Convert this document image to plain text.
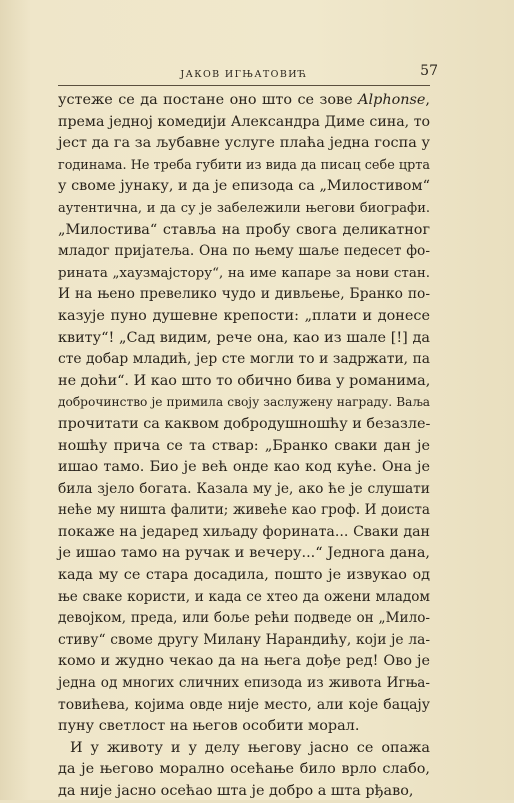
ЈАКОВ ИГЊАТОВИЋ	57
устеже се да постане оно што се зове Alphonse,
према једној комедији Александра Диме сина, то
јест да га за љубавне услуге плаћа једна госпа у
годинама. Не треба губити из вида да писац себе црта
у своме јунаку, и да је епизода са „Милостивом“
аутентична, и да су је забележили његови биографи.
„Милостива“ ставља на пробу свога деликатног
младог пријатеља. Она по њему шаље педесет фо-
рината „хаузмајстору“, на име капаре за нови стан.
И на њено превелико чудо и дивљење, Бранко по-
казује пуно душевне крепости: „плати и донесе
квиту“! „Сад видим, рече она, као из шале [!] да
сте добар младић, јер сте могли то и задржати, па
не доћи“. И као што то обично бива у романима,
доброчинство је примила своју заслужену награду. Ваља
прочитати са каквом добродушношћу и безазле-
ношћу прича се та ствар: „Бранко сваки дан је
ишао тамо. Био је већ онде као код куће. Она је
била зјело богата. Казала му је, ако ће је слушати
неће му ништа фалити; живеће као гроф. И доиста
покаже на једаред хиљаду форината... Сваки дан
је ишао тамо на ручак и вечеру...“ Једнога дана,
када му се стара досадила, пошто је извукао од
ње сваке користи, и када се хтео да ожени младом
девојком, преда, или боље рећи подведе он „Мило-
стиву“ своме другу Милану Нарандићу, који је ла-
комо и жудно чекао да на њега дође ред! Ово је
једна од многих сличних епизода из живота Игња-
товићева, којима овде није место, али које бацају
пуну светлост на његов особити морал.
И у животу и у делу његову јасно се опажа
да је његово морално осећање било врло слабо,
да није јасно осећао шта је добро а шта рђаво,
